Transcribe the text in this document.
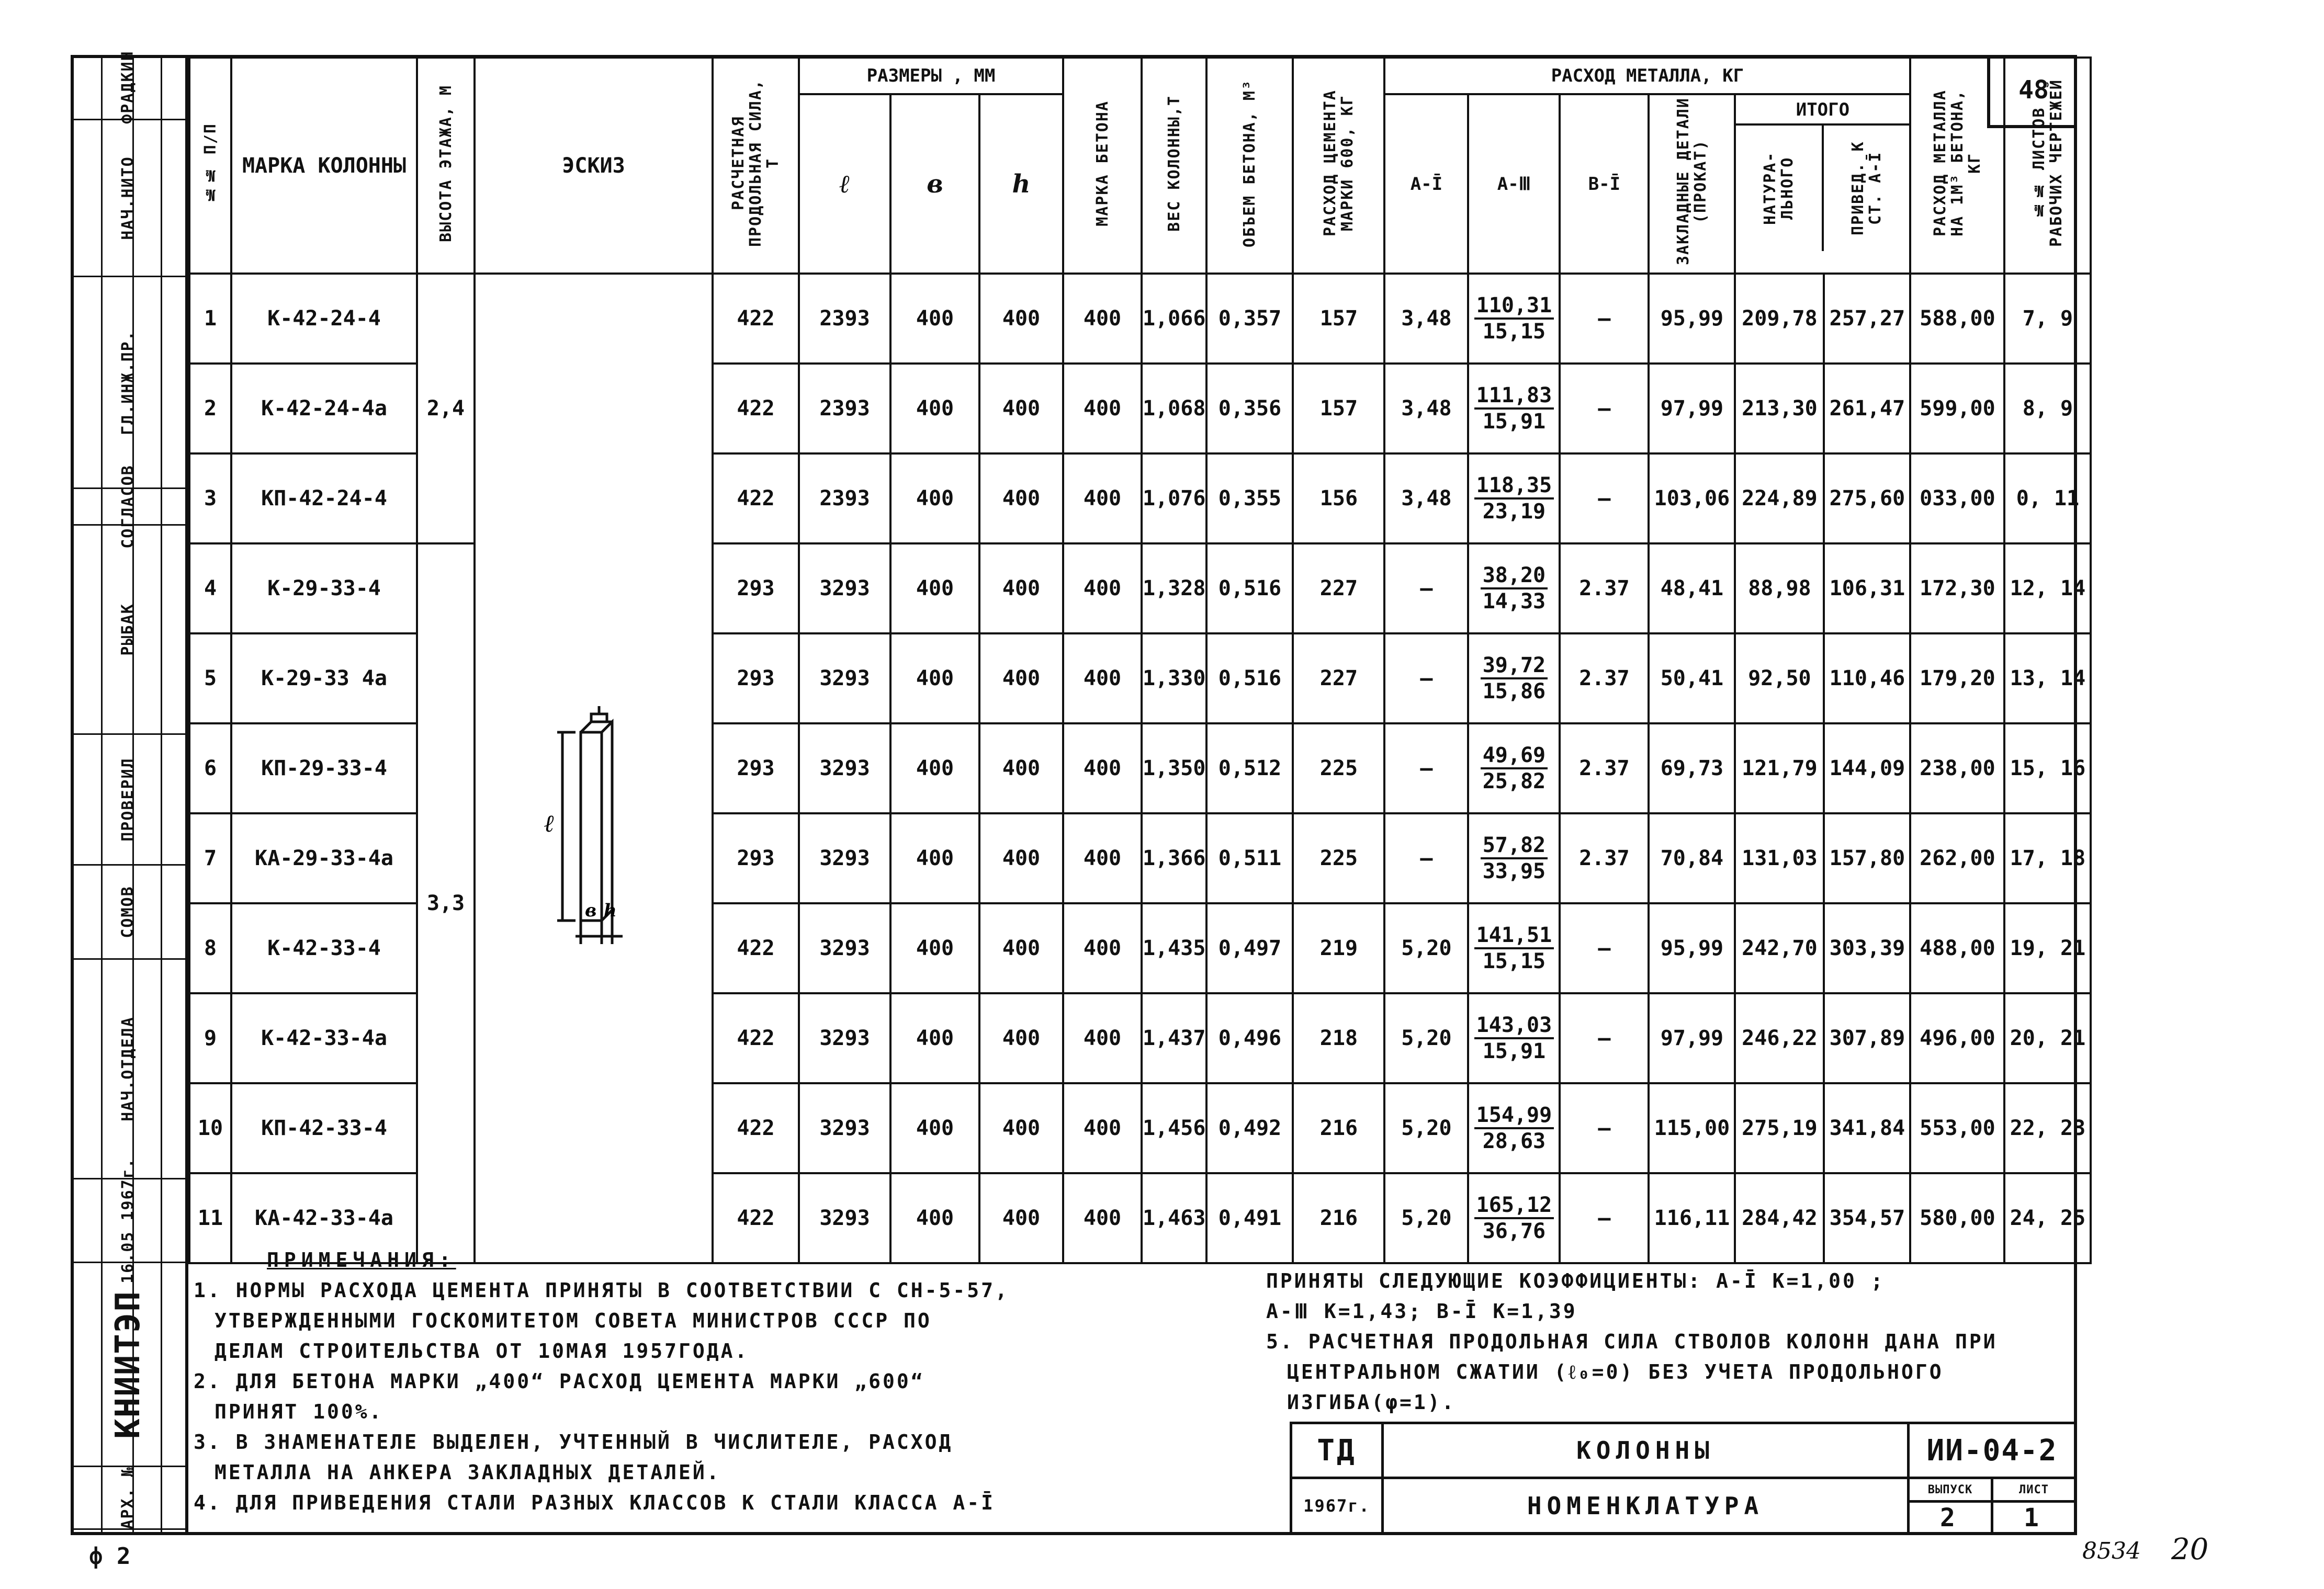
48
ФРАДКИН
НАЧ.НИТО
ГЛ.ИНЖ.ПР.
СОГЛАСОВ
РЫБАК
ПРОВЕРИЛ
СОМОВ
НАЧ.ОТДЕЛА
16.05 1967г.
КНИИТЭП
АРХ. №
№№ П/П	МАРКА КОЛОННЫ	ВЫСОТА ЭТАЖА, М	ЭСКИЗ	РАСЧЕТНАЯ ПРОДОЛЬНАЯ СИЛА, Т	РАЗМЕРЫ , ММ			МАРКА БЕТОНА	ВЕС КОЛОННЫ,Т	ОБЪЕМ БЕТОНА, М³	РАСХОД ЦЕМЕНТА МАРКИ 600, КГ	РАСХОД МЕТАЛЛА, КГ						РАСХОД МЕТАЛЛА НА 1М³ БЕТОНА, КГ	№№ ЛИСТОВ РАБОЧИХ ЧЕРТЕЖЕЙ
					ℓ	в	h					А-Ī	А-Ⅲ	В-Ī	ЗАКЛАДНЫЕ ДЕТАЛИ (ПРОКАТ)	ИТОГО
НАТУРА-ЛЬНОГО ПРИВЕД. К СТ. А-Ī			

1	К-42-24-4	2,4		422	2393	400	400	400	1,066	0,357	157	3,48	$\frac{110,31}{15,15}$	—	95,99	209,78	257,27	588,00	7, 9
2	К-42-24-4а			422	2393	400	400	400	1,068	0,356	157	3,48	$\frac{111,83}{15,91}$	—	97,99	213,30	261,47	599,00	8, 9
3	КП-42-24-4			422	2393	400	400	400	1,076	0,355	156	3,48	$\frac{118,35}{23,19}$	—	103,06	224,89	275,60	033,00	0, 11
4	К-29-33-4	3,3		293	3293	400	400	400	1,328	0,516	227	—	$\frac{38,20}{14,33}$	2.37	48,41	88,98	106,31	172,30	12, 14
5	К-29-33 4а			293	3293	400	400	400	1,330	0,516	227	—	$\frac{39,72}{15,86}$	2.37	50,41	92,50	110,46	179,20	13, 14
6	КП-29-33-4			293	3293	400	400	400	1,350	0,512	225	—	$\frac{49,69}{25,82}$	2.37	69,73	121,79	144,09	238,00	15, 16
7	КА-29-33-4а			293	3293	400	400	400	1,366	0,511	225	—	$\frac{57,82}{33,95}$	2.37	70,84	131,03	157,80	262,00	17, 18
8	К-42-33-4			422	3293	400	400	400	1,435	0,497	219	5,20	$\frac{141,51}{15,15}$	—	95,99	242,70	303,39	488,00	19, 21
9	К-42-33-4а			422	3293	400	400	400	1,437	0,496	218	5,20	$\frac{143,03}{15,91}$	—	97,99	246,22	307,89	496,00	20, 21
10	КП-42-33-4			422	3293	400	400	400	1,456	0,492	216	5,20	$\frac{154,99}{28,63}$	—	115,00	275,19	341,84	553,00	22, 23
11	КА-42-33-4а			422	3293	400	400	400	1,463	0,491	216	5,20	$\frac{165,12}{36,76}$	—	116,11	284,42	354,57	580,00	24, 25
ℓ
в h
ПРИМЕЧАНИЯ:
1. НОРМЫ РАСХОДА ЦЕМЕНТА ПРИНЯТЫ В СООТВЕТСТВИИ С СН-5-57,
УТВЕРЖДЕННЫМИ ГОСКОМИТЕТОМ СОВЕТА МИНИСТРОВ СССР ПО
ДЕЛАМ СТРОИТЕЛЬСТВА ОТ 10МАЯ 1957ГОДА.
2. ДЛЯ БЕТОНА МАРКИ „400“ РАСХОД ЦЕМЕНТА МАРКИ „600“
ПРИНЯТ 100%.
3. В ЗНАМЕНАТЕЛЕ ВЫДЕЛЕН, УЧТЕННЫЙ В ЧИСЛИТЕЛЕ, РАСХОД
МЕТАЛЛА НА АНКЕРА ЗАКЛАДНЫХ ДЕТАЛЕЙ.
4. ДЛЯ ПРИВЕДЕНИЯ СТАЛИ РАЗНЫХ КЛАССОВ К СТАЛИ КЛАССА А-Ī
ПРИНЯТЫ СЛЕДУЮЩИЕ КОЭФФИЦИЕНТЫ: А-Ī К=1,00 ;
А-Ⅲ К=1,43; В-Ī К=1,39
5. РАСЧЕТНАЯ ПРОДОЛЬНАЯ СИЛА СТВОЛОВ КОЛОНН ДАНА ПРИ
ЦЕНТРАЛЬНОМ СЖАТИИ (ℓ₀=0) БЕЗ УЧЕТА ПРОДОЛЬНОГО
ИЗГИБА(φ=1).
ТД
1967г.
КОЛОННЫ
НОМЕНКЛАТУРА
ИИ-04-2
ВЫПУСК	ЛИСТ
2	1
ф 2	8534 20
